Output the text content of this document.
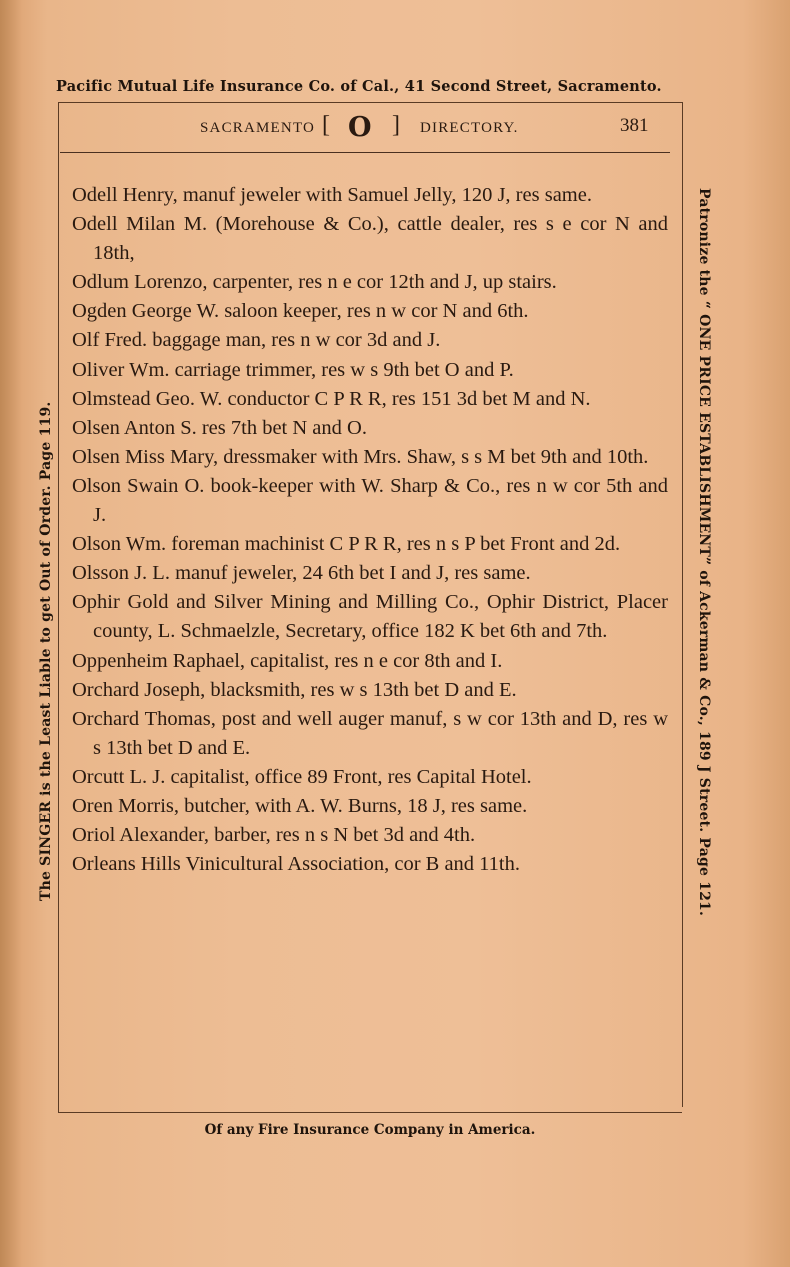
Pacific Mutual Life Insurance Co. of Cal., 41 Second Street, Sacramento.
SACRAMENTO [ O ] DIRECTORY.	381
Odell Henry, manuf jeweler with Samuel Jelly, 120 J, res same.
Odell Milan M. (Morehouse & Co.), cattle dealer, res s e cor N and 18th,
Odlum Lorenzo, carpenter, res n e cor 12th and J, up stairs.
Ogden George W. saloon keeper, res n w cor N and 6th.
Olf Fred. baggage man, res n w cor 3d and J.
Oliver Wm. carriage trimmer, res w s 9th bet O and P.
Olmstead Geo. W. conductor C P R R, res 151 3d bet M and N.
Olsen Anton S. res 7th bet N and O.
Olsen Miss Mary, dressmaker with Mrs. Shaw, s s M bet 9th and 10th.
Olson Swain O. book-keeper with W. Sharp & Co., res n w cor 5th and J.
Olson Wm. foreman machinist C P R R, res n s P bet Front and 2d.
Olsson J. L. manuf jeweler, 24 6th bet I and J, res same.
Ophir Gold and Silver Mining and Milling Co., Ophir District, Placer county, L. Schmaelzle, Secretary, office 182 K bet 6th and 7th.
Oppenheim Raphael, capitalist, res n e cor 8th and I.
Orchard Joseph, blacksmith, res w s 13th bet D and E.
Orchard Thomas, post and well auger manuf, s w cor 13th and D, res w s 13th bet D and E.
Orcutt L. J. capitalist, office 89 Front, res Capital Hotel.
Oren Morris, butcher, with A. W. Burns, 18 J, res same.
Oriol Alexander, barber, res n s N bet 3d and 4th.
Orleans Hills Vinicultural Association, cor B and 11th.
The SINGER is the Least Liable to get Out of Order. Page 119.	Patronize the “ ONE PRICE ESTABLISHMENT” of Ackerman & Co., 189 J Street. Page 121.
Of any Fire Insurance Company in America.
